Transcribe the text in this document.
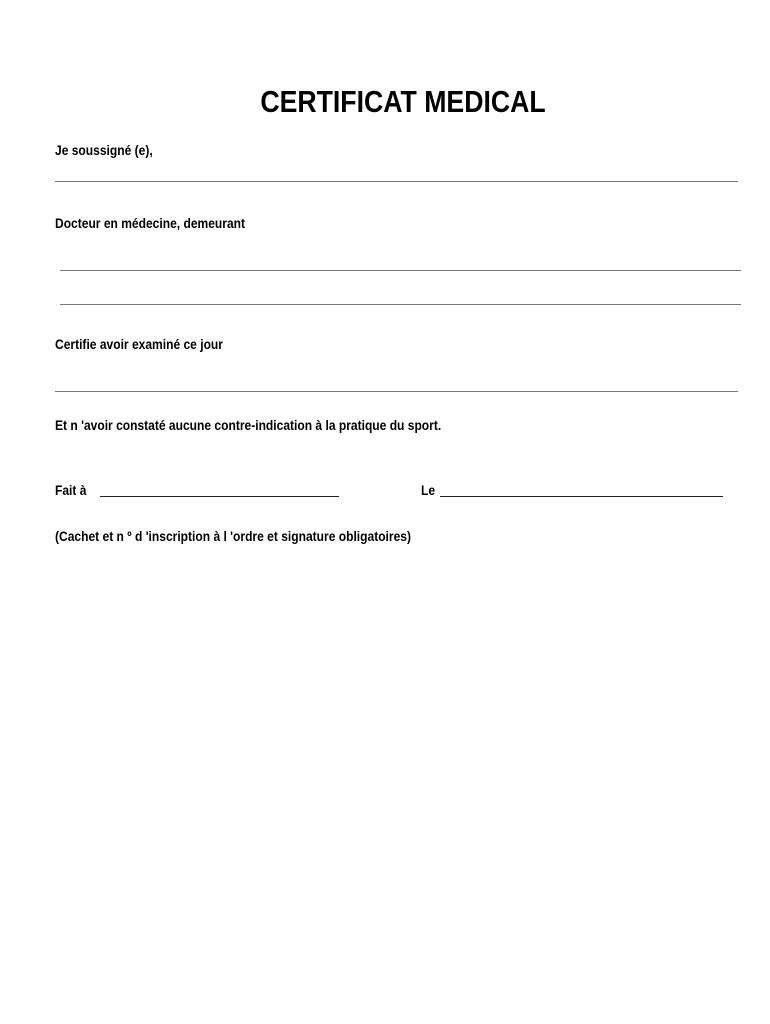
CERTIFICAT MEDICAL
Je soussigné (e),
Docteur en médecine, demeurant
Certifie avoir examiné ce jour
Et n 'avoir constaté aucune contre-indication à la pratique du sport.
Fait à	Le
(Cachet et n º d 'inscription à l 'ordre et signature obligatoires)
